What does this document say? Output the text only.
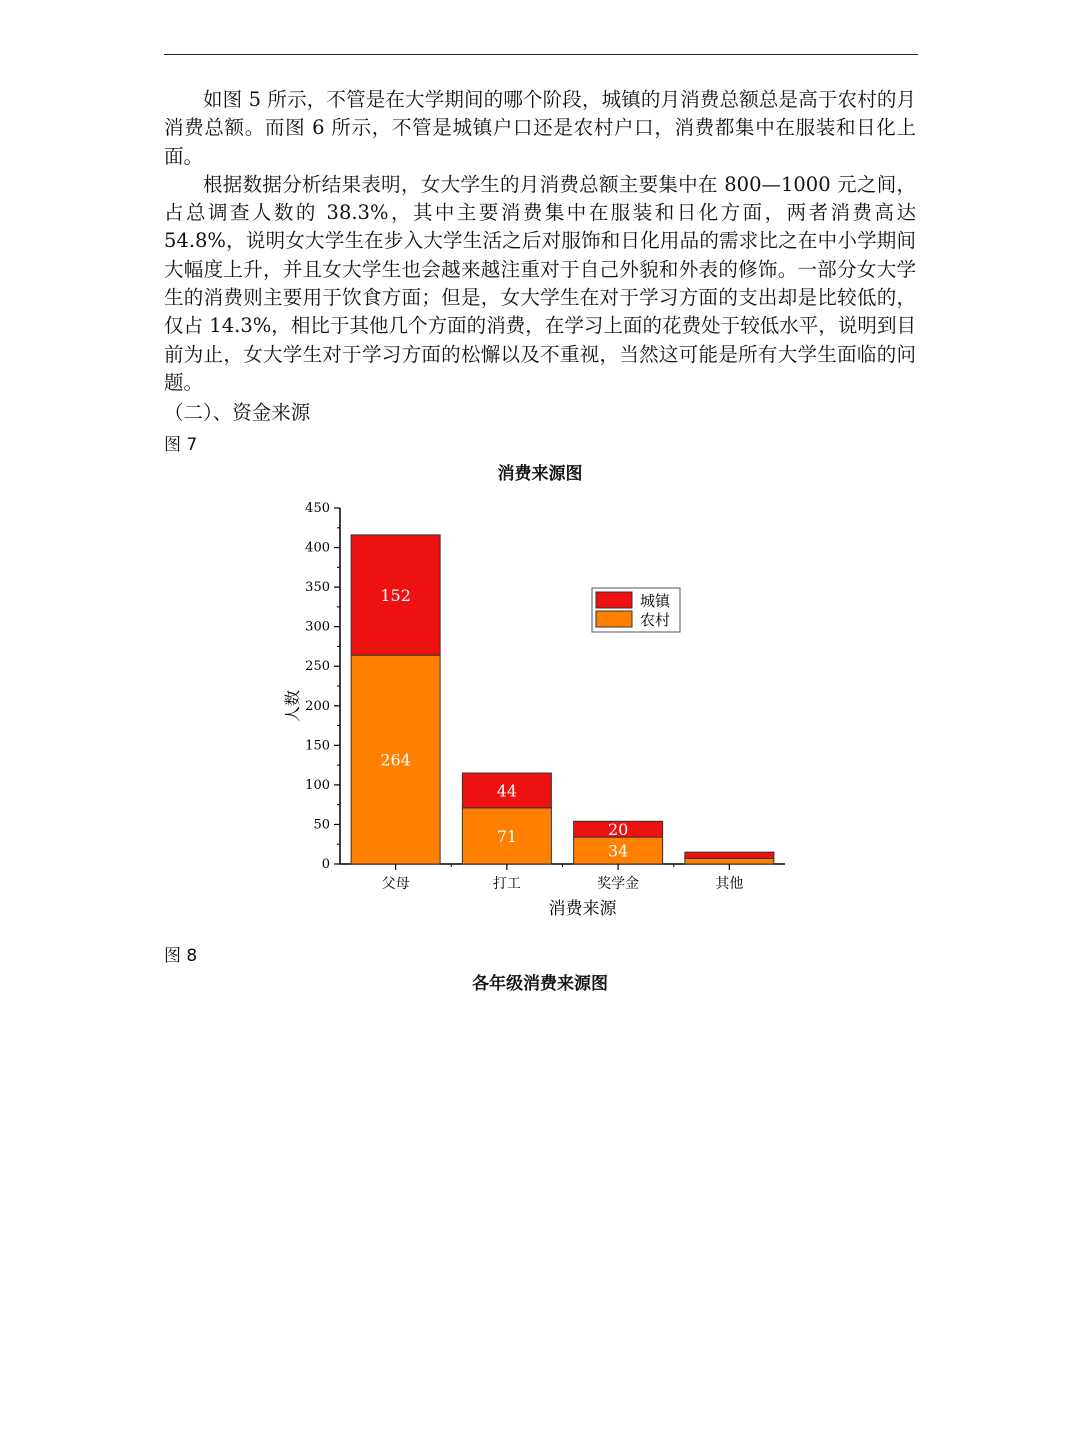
如图 5 所示，不管是在大学期间的哪个阶段，城镇的月消费总额总是高于农村的月消费总额。而图 6 所示，不管是城镇户口还是农村户口，消费都集中在服装和日化上面。

根据数据分析结果表明，女大学生的月消费总额主要集中在 800—1000 元之间，占总调查人数的 38.3%，其中主要消费集中在服装和日化方面，两者消费高达 54.8%，说明女大学生在步入大学生活之后对服饰和日化用品的需求比之在中小学期间大幅度上升，并且女大学生也会越来越注重对于自己外貌和外表的修饰。一部分女大学生的消费则主要用于饮食方面；但是，女大学生在对于学习方面的支出却是比较低的，仅占 14.3%，相比于其他几个方面的消费，在学习上面的花费处于较低水平，说明到目前为止，女大学生对于学习方面的松懈以及不重视，当然这可能是所有大学生面临的问题。

（二）、资金来源
图 7
消费来源图
0
50
100
150
200
250
300
350
400
450
264
152
父母
71
44
打工
34
20
奖学金	其他
消费来源
人数
城镇
农村
图 8
各年级消费来源图
